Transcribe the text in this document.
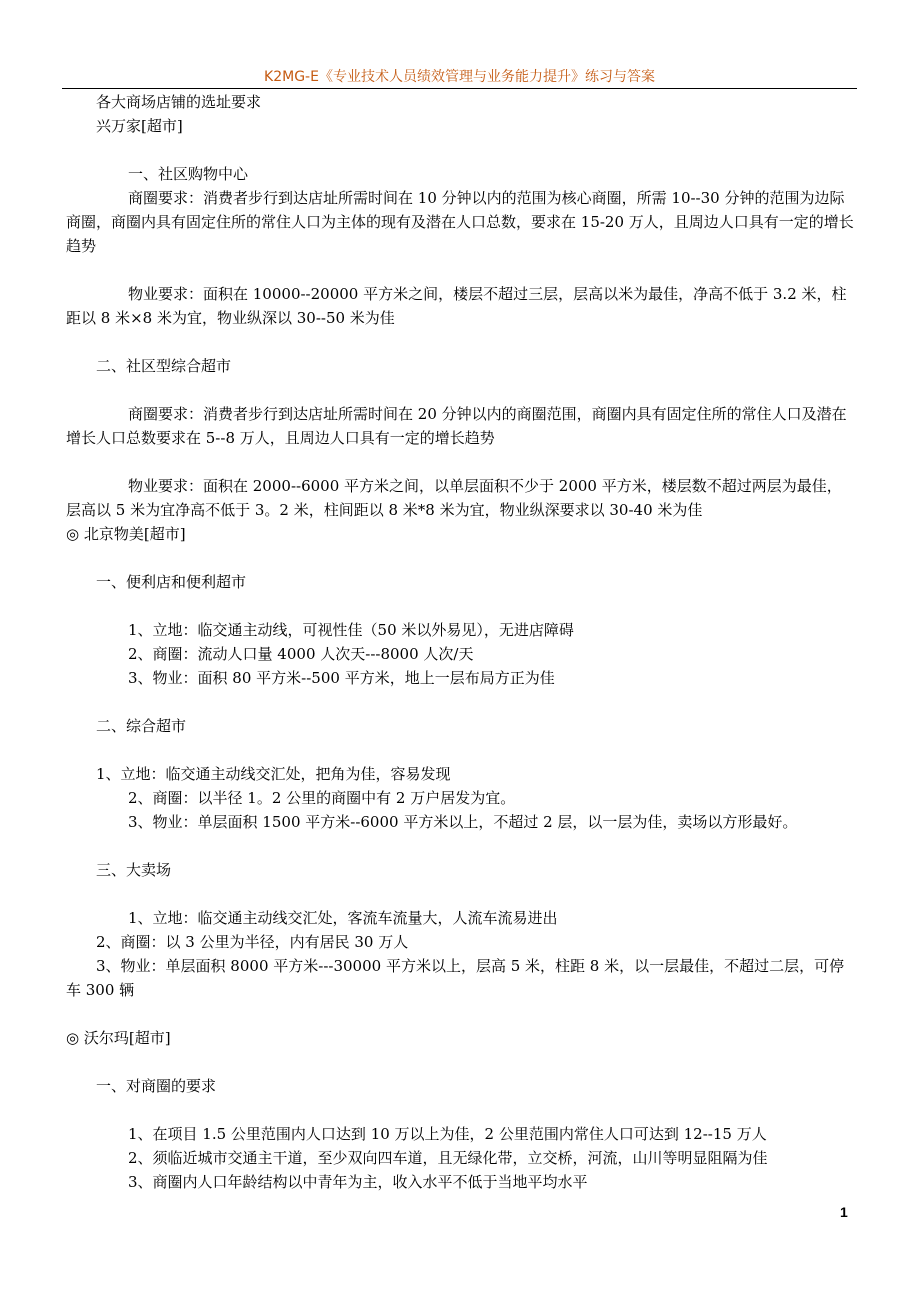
K2MG-E《专业技术人员绩效管理与业务能力提升》练习与答案
各大商场店铺的选址要求
兴万家[超市]
一、社区购物中心
商圈要求：消费者步行到达店址所需时间在 10 分钟以内的范围为核心商圈，所需 10--30 分钟的范围为边际商圈，商圈内具有固定住所的常住人口为主体的现有及潜在人口总数，要求在 15-20 万人，且周边人口具有一定的增长趋势
物业要求：面积在 10000--20000 平方米之间，楼层不超过三层，层高以米为最佳，净高不低于 3.2 米，柱距以 8 米×8 米为宜，物业纵深以 30--50 米为佳
二、社区型综合超市
商圈要求：消费者步行到达店址所需时间在 20 分钟以内的商圈范围，商圈内具有固定住所的常住人口及潜在增长人口总数要求在 5--8 万人，且周边人口具有一定的增长趋势
物业要求：面积在 2000--6000 平方米之间，以单层面积不少于 2000 平方米，楼层数不超过两层为最佳，层高以 5 米为宜净高不低于 3。2 米，柱间距以 8 米*8 米为宜，物业纵深要求以 30-40 米为佳
◎ 北京物美[超市]
一、便利店和便利超市
1、立地：临交通主动线，可视性佳（50 米以外易见），无进店障碍
2、商圈：流动人口量 4000 人次天---8000 人次/天
3、物业：面积 80 平方米--500 平方米，地上一层布局方正为佳
二、综合超市
1、立地：临交通主动线交汇处，把角为佳，容易发现
2、商圈：以半径 1。2 公里的商圈中有 2 万户居发为宜。
3、物业：单层面积 1500 平方米--6000 平方米以上，不超过 2 层，以一层为佳，卖场以方形最好。
三、大卖场
1、立地：临交通主动线交汇处，客流车流量大，人流车流易进出
2、商圈：以 3 公里为半径，内有居民 30 万人
3、物业：单层面积 8000 平方米---30000 平方米以上，层高 5 米，柱距 8 米，以一层最佳，不超过二层，可停车 300 辆
◎ 沃尔玛[超市]
一、对商圈的要求
1、在项目 1.5 公里范围内人口达到 10 万以上为佳，2 公里范围内常住人口可达到 12--15 万人
2、须临近城市交通主干道，至少双向四车道，且无绿化带，立交桥，河流，山川等明显阻隔为佳
3、商圈内人口年龄结构以中青年为主，收入水平不低于当地平均水平
1
